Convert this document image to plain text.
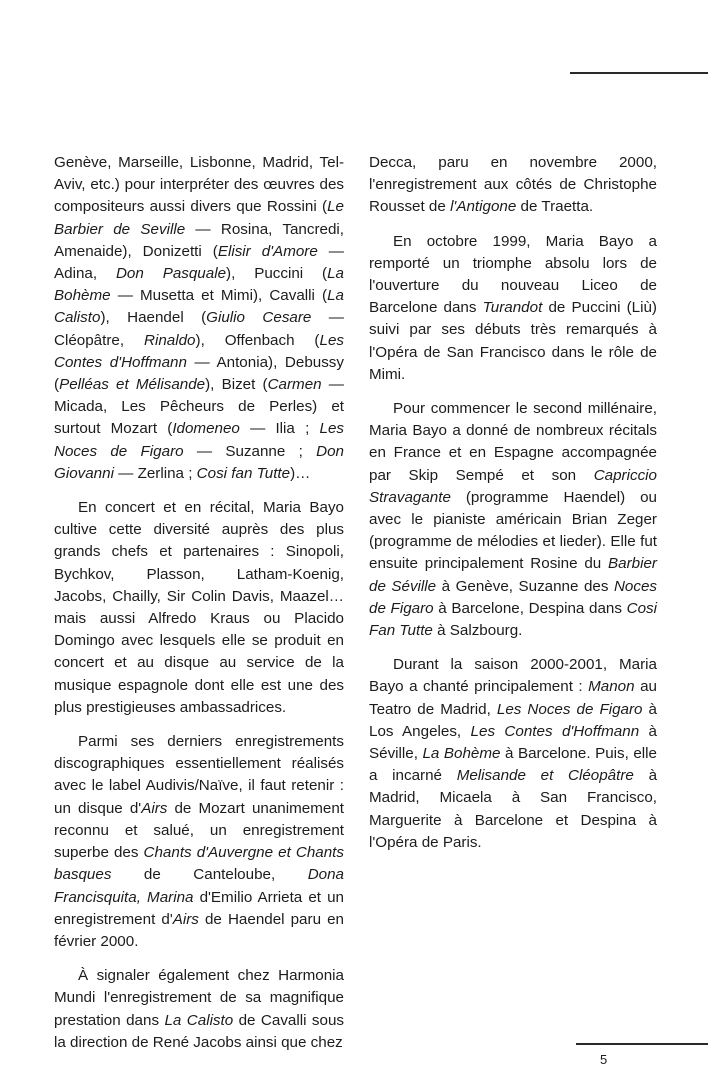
Genève, Marseille, Lisbonne, Madrid, Tel-Aviv, etc.) pour interpréter des œuvres des compositeurs aussi divers que Rossini (Le Barbier de Seville — Rosina, Tancredi, Amenaide), Donizetti (Elisir d'Amore — Adina, Don Pasquale), Puccini (La Bohème — Musetta et Mimi), Cavalli (La Calisto), Haendel (Giulio Cesare — Cléopâtre, Rinaldo), Offenbach (Les Contes d'Hoffmann — Antonia), Debussy (Pelléas et Mélisande), Bizet (Carmen — Micada, Les Pêcheurs de Perles) et surtout Mozart (Idomeneo — Ilia ; Les Noces de Figaro — Suzanne ; Don Giovanni — Zerlina ; Cosi fan Tutte)…

En concert et en récital, Maria Bayo cultive cette diversité auprès des plus grands chefs et partenaires : Sinopoli, Bychkov, Plasson, Latham-Koenig, Jacobs, Chailly, Sir Colin Davis, Maazel… mais aussi Alfredo Kraus ou Placido Domingo avec lesquels elle se produit en concert et au disque au service de la musique espagnole dont elle est une des plus prestigieuses ambassadrices.

Parmi ses derniers enregistrements discographiques essentiellement réalisés avec le label Audivis/Naïve, il faut retenir : un disque d'Airs de Mozart unanimement reconnu et salué, un enregistrement superbe des Chants d'Auvergne et Chants basques de Canteloube, Dona Francisquita, Marina d'Emilio Arrieta et un enregistrement d'Airs de Haendel paru en février 2000.

À signaler également chez Harmonia Mundi l'enregistrement de sa magnifique prestation dans La Calisto de Cavalli sous la direction de René Jacobs ainsi que chez

Decca, paru en novembre 2000, l'enregistrement aux côtés de Christophe Rousset de l'Antigone de Traetta.

En octobre 1999, Maria Bayo a remporté un triomphe absolu lors de l'ouverture du nouveau Liceo de Barcelone dans Turandot de Puccini (Liù) suivi par ses débuts très remarqués à l'Opéra de San Francisco dans le rôle de Mimi.

Pour commencer le second millénaire, Maria Bayo a donné de nombreux récitals en France et en Espagne accompagnée par Skip Sempé et son Capriccio Stravagante (programme Haendel) ou avec le pianiste américain Brian Zeger (programme de mélodies et lieder). Elle fut ensuite principalement Rosine du Barbier de Séville à Genève, Suzanne des Noces de Figaro à Barcelone, Despina dans Cosi Fan Tutte à Salzbourg.

Durant la saison 2000-2001, Maria Bayo a chanté principalement : Manon au Teatro de Madrid, Les Noces de Figaro à Los Angeles, Les Contes d'Hoffmann à Séville, La Bohème à Barcelone. Puis, elle a incarné Melisande et Cléopâtre à Madrid, Micaela à San Francisco, Marguerite à Barcelone et Despina à l'Opéra de Paris.

5
